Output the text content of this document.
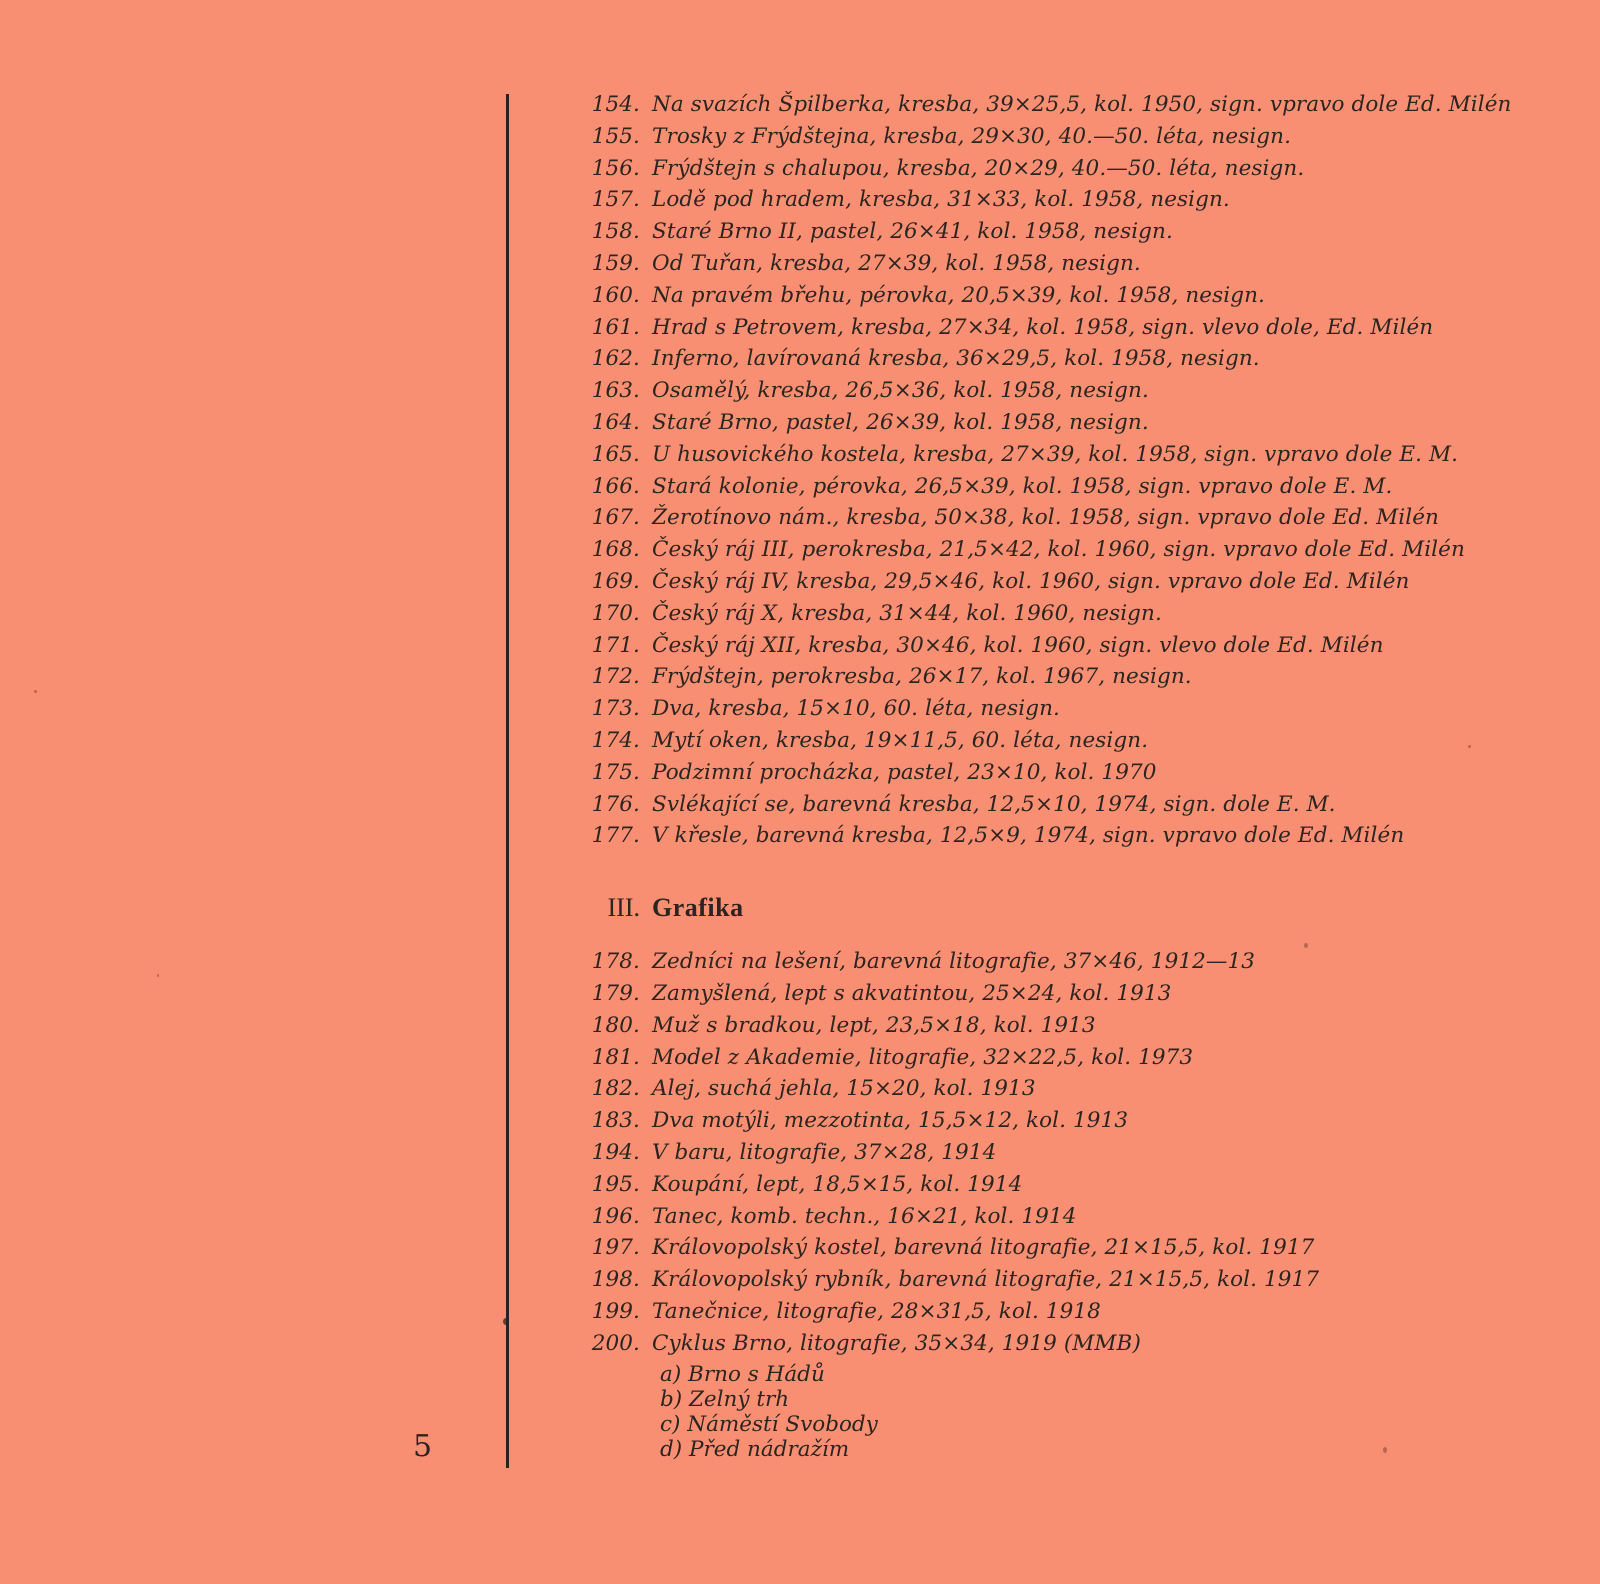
5
154. Na svazích Špilberka, kresba, 39×25,5, kol. 1950, sign. vpravo dole Ed. Milén
155. Trosky z Frýdštejna, kresba, 29×30, 40.—50. léta, nesign.
156. Frýdštejn s chalupou, kresba, 20×29, 40.—50. léta, nesign.
157. Lodě pod hradem, kresba, 31×33, kol. 1958, nesign.
158. Staré Brno II, pastel, 26×41, kol. 1958, nesign.
159. Od Tuřan, kresba, 27×39, kol. 1958, nesign.
160. Na pravém břehu, pérovka, 20,5×39, kol. 1958, nesign.
161. Hrad s Petrovem, kresba, 27×34, kol. 1958, sign. vlevo dole, Ed. Milén
162. Inferno, lavírovaná kresba, 36×29,5, kol. 1958, nesign.
163. Osamělý, kresba, 26,5×36, kol. 1958, nesign.
164. Staré Brno, pastel, 26×39, kol. 1958, nesign.
165. U husovického kostela, kresba, 27×39, kol. 1958, sign. vpravo dole E. M.
166. Stará kolonie, pérovka, 26,5×39, kol. 1958, sign. vpravo dole E. M.
167. Žerotínovo nám., kresba, 50×38, kol. 1958, sign. vpravo dole Ed. Milén
168. Český ráj III, perokresba, 21,5×42, kol. 1960, sign. vpravo dole Ed. Milén
169. Český ráj IV, kresba, 29,5×46, kol. 1960, sign. vpravo dole Ed. Milén
170. Český ráj X, kresba, 31×44, kol. 1960, nesign.
171. Český ráj XII, kresba, 30×46, kol. 1960, sign. vlevo dole Ed. Milén
172. Frýdštejn, perokresba, 26×17, kol. 1967, nesign.
173. Dva, kresba, 15×10, 60. léta, nesign.
174. Mytí oken, kresba, 19×11,5, 60. léta, nesign.
175. Podzimní procházka, pastel, 23×10, kol. 1970
176. Svlékající se, barevná kresba, 12,5×10, 1974, sign. dole E. M.
177. V křesle, barevná kresba, 12,5×9, 1974, sign. vpravo dole Ed. Milén
III. Grafika
178. Zedníci na lešení, barevná litografie, 37×46, 1912—13
179. Zamyšlená, lept s akvatintou, 25×24, kol. 1913
180. Muž s bradkou, lept, 23,5×18, kol. 1913
181. Model z Akademie, litografie, 32×22,5, kol. 1973
182. Alej, suchá jehla, 15×20, kol. 1913
183. Dva motýli, mezzotinta, 15,5×12, kol. 1913
194. V baru, litografie, 37×28, 1914
195. Koupání, lept, 18,5×15, kol. 1914
196. Tanec, komb. techn., 16×21, kol. 1914
197. Královopolský kostel, barevná litografie, 21×15,5, kol. 1917
198. Královopolský rybník, barevná litografie, 21×15,5, kol. 1917
199. Tanečnice, litografie, 28×31,5, kol. 1918
200. Cyklus Brno, litografie, 35×34, 1919 (MMB)
a) Brno s Hádů
b) Zelný trh
c) Náměstí Svobody
d) Před nádražím
